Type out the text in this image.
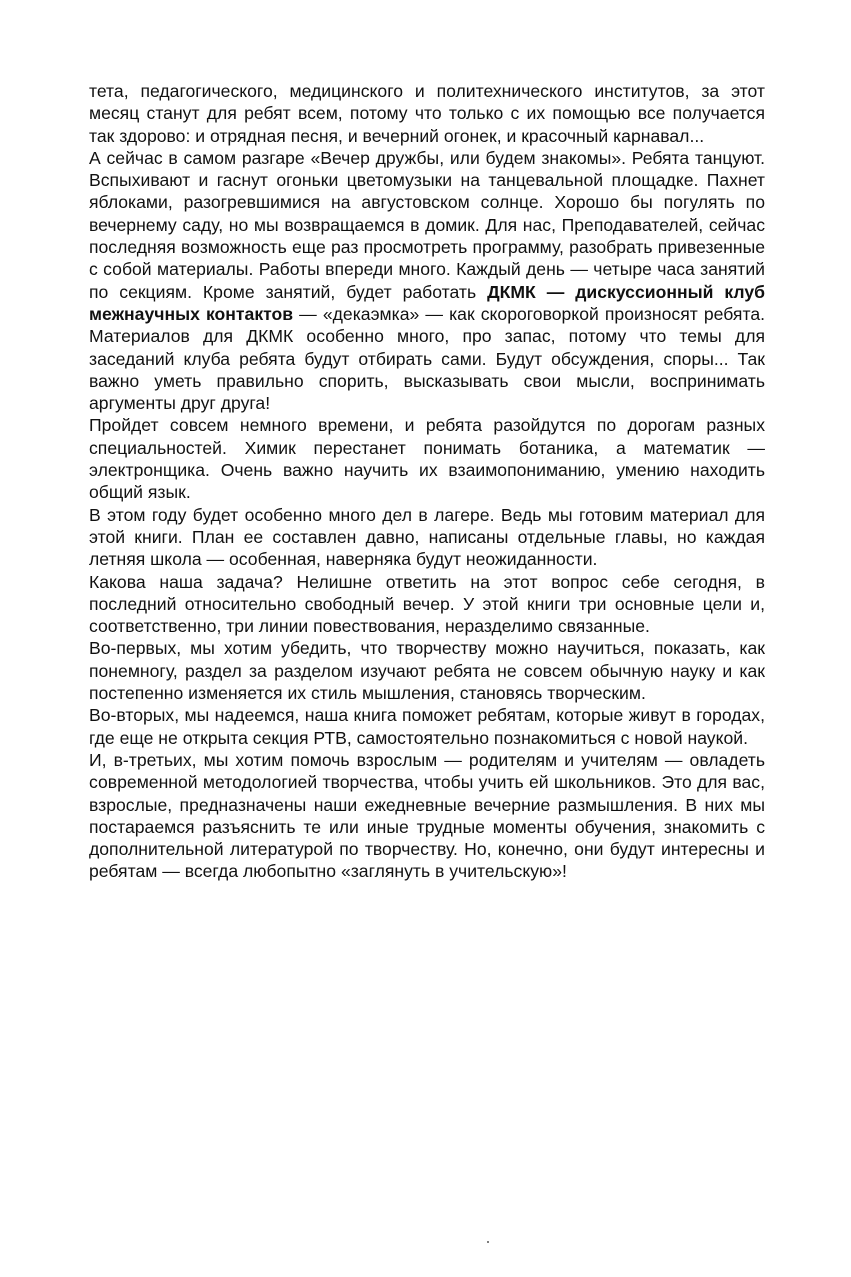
тета, педагогического, медицинского и политехнического институтов, за этот месяц станут для ребят всем, потому что только с их помощью все получается так здорово: и отрядная песня, и вечерний огонек, и красочный карнавал...

А сейчас в самом разгаре «Вечер дружбы, или будем знакомы». Ребята танцуют. Вспыхивают и гаснут огоньки цветомузыки на танцевальной площадке. Пахнет яблоками, разогревшимися на августовском солнце. Хорошо бы погулять по вечернему саду, но мы возвращаемся в домик. Для нас, Преподавателей, сейчас последняя возможность еще раз просмотреть программу, разобрать привезенные с собой материалы. Работы впереди много. Каждый день — четыре часа занятий по секциям. Кроме занятий, будет работать ДКМК — дискуссионный клуб межнаучных контактов — «декаэмка» — как скороговоркой произносят ребята. Материалов для ДКМК особенно много, про запас, потому что темы для заседаний клуба ребята будут отбирать сами. Будут обсуждения, споры... Так важно уметь правильно спорить, высказывать свои мысли, воспринимать аргументы друг друга!

Пройдет совсем немного времени, и ребята разойдутся по дорогам разных специальностей. Химик перестанет понимать ботаника, а математик — электронщика. Очень важно научить их взаимопониманию, умению находить общий язык.

В этом году будет особенно много дел в лагере. Ведь мы готовим материал для этой книги. План ее составлен давно, написаны отдельные главы, но каждая летняя школа — особенная, наверняка будут неожиданности.

Какова наша задача? Нелишне ответить на этот вопрос себе сегодня, в последний относительно свободный вечер. У этой книги три основные цели и, соответственно, три линии повествования, неразделимо связанные.

Во-первых, мы хотим убедить, что творчеству можно научиться, показать, как понемногу, раздел за разделом изучают ребята не совсем обычную науку и как постепенно изменяется их стиль мышления, становясь творческим.

Во-вторых, мы надеемся, наша книга поможет ребятам, которые живут в городах, где еще не открыта секция РТВ, самостоятельно познакомиться с новой наукой.

И, в-третьих, мы хотим помочь взрослым — родителям и учителям — овладеть современной методологией творчества, чтобы учить ей школьников. Это для вас, взрослые, предназначены наши ежедневные вечерние размышления. В них мы постараемся разъяснить те или иные трудные моменты обучения, знакомить с дополнительной литературой по творчеству. Но, конечно, они будут интересны и ребятам — всегда любопытно «заглянуть в учительскую»!
